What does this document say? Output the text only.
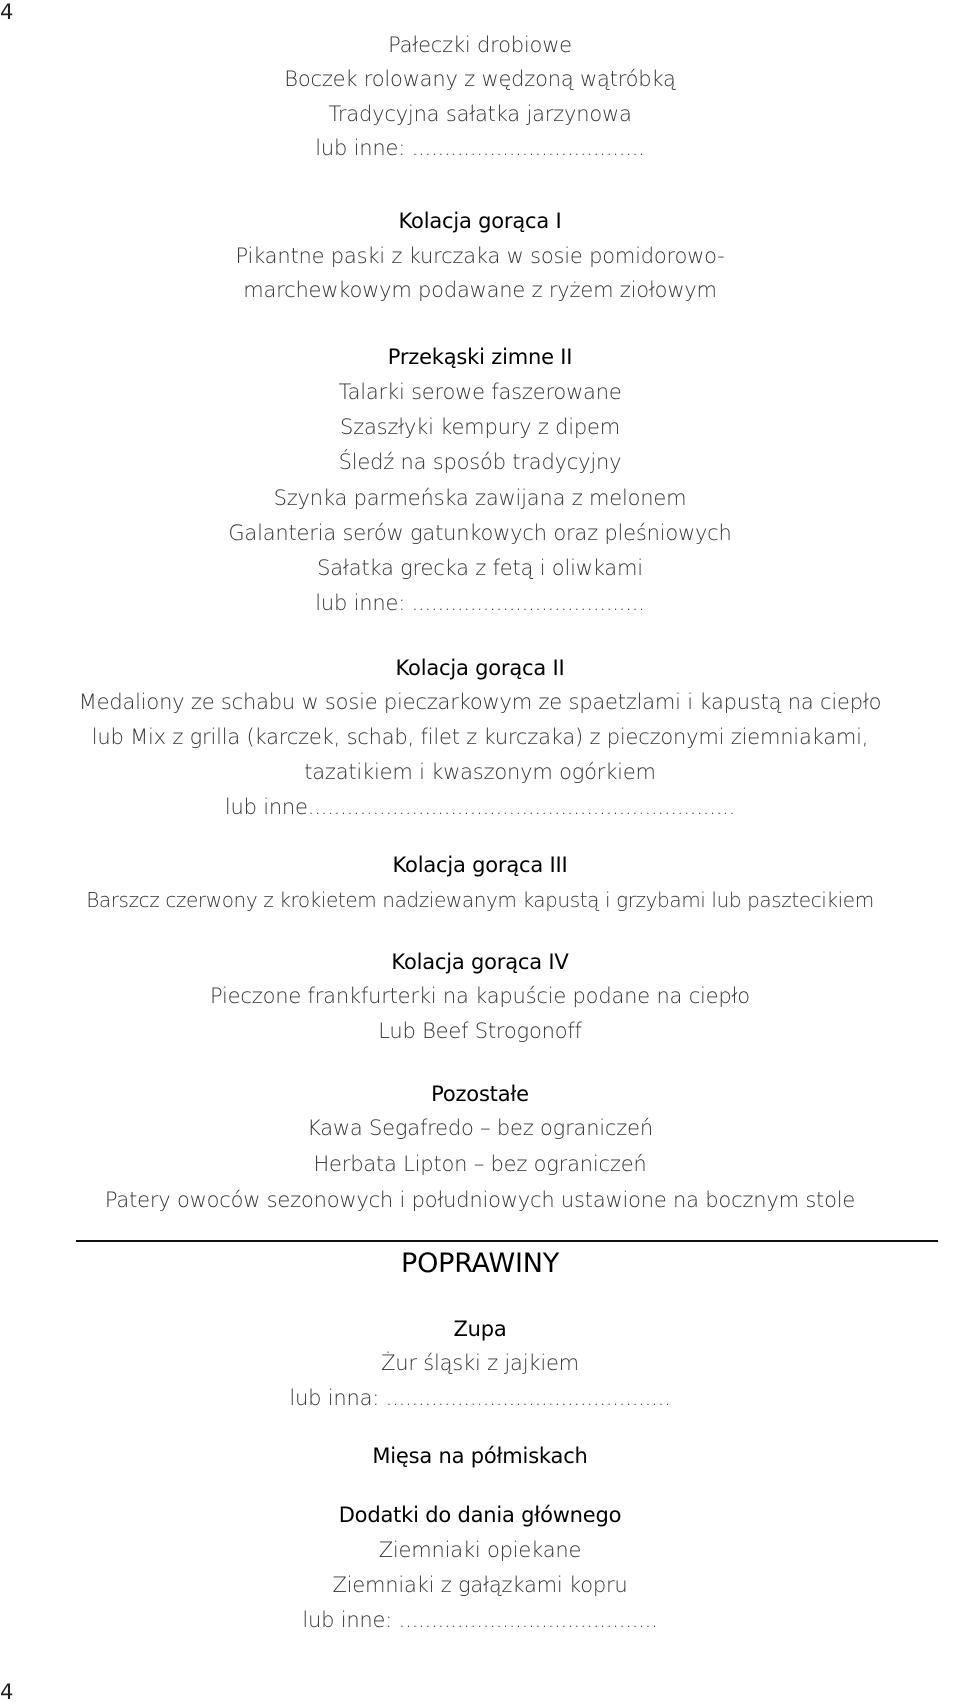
4
Pałeczki drobiowe
Boczek rolowany z wędzoną wątróbką
Tradycyjna sałatka jarzynowa
lub inne: ....................................
Kolacja gorąca I
Pikantne paski z kurczaka w sosie pomidorowo-
marchewkowym podawane z ryżem ziołowym
Przekąski zimne II
Talarki serowe faszerowane
Szaszłyki kempury z dipem
Śledź na sposób tradycyjny
Szynka parmeńska zawijana z melonem
Galanteria serów gatunkowych oraz pleśniowych
Sałatka grecka z fetą i oliwkami
lub inne: ....................................
Kolacja gorąca II
Medaliony ze schabu w sosie pieczarkowym ze spaetzlami i kapustą na ciepło
lub Mix z grilla (karczek, schab, filet z kurczaka) z pieczonymi ziemniakami,
tazatikiem i kwaszonym ogórkiem
lub inne..................................................................
Kolacja gorąca III
Barszcz czerwony z krokietem nadziewanym kapustą i grzybami lub pasztecikiem
Kolacja gorąca IV
Pieczone frankfurterki na kapuście podane na ciepło
Lub Beef Strogonoff
Pozostałe
Kawa Segafredo – bez ograniczeń
Herbata Lipton – bez ograniczeń
Patery owoców sezonowych i południowych ustawione na bocznym stole
POPRAWINY
Zupa
Żur śląski z jajkiem
lub inna: ............................................
Mięsa na półmiskach
Dodatki do dania głównego
Ziemniaki opiekane
Ziemniaki z gałązkami kopru
lub inne: ........................................
4
